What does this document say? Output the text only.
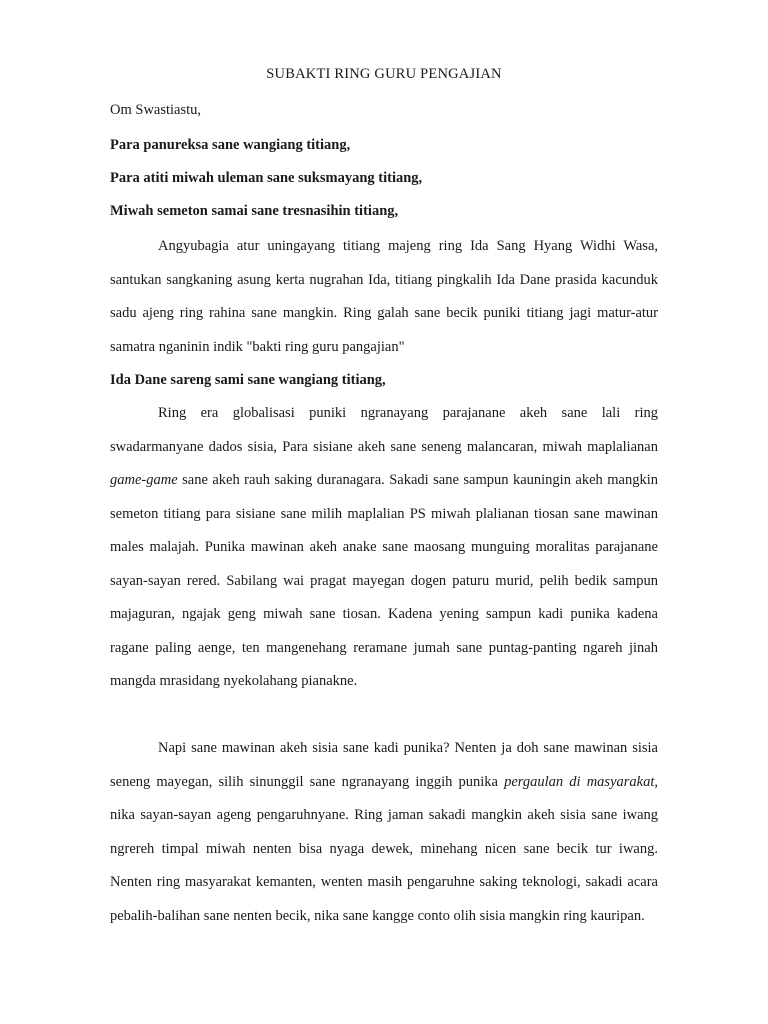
SUBAKTI RING GURU PENGAJIAN
Om Swastiastu,
Para panureksa sane wangiang titiang,
Para atiti miwah uleman sane suksmayang titiang,
Miwah semeton samai sane tresnasihin titiang,

Angyubagia atur uningayang titiang majeng ring Ida Sang Hyang Widhi Wasa, santukan sangkaning asung kerta nugrahan Ida, titiang pingkalih Ida Dane prasida kacunduk sadu ajeng ring rahina sane mangkin. Ring galah sane becik puniki titiang jagi matur-atur samatra nganinin indik "bakti ring guru pangajian"

Ida Dane sareng sami sane wangiang titiang,

Ring era globalisasi puniki ngranayang parajanane akeh sane lali ring swadarmanyane dados sisia, Para sisiane akeh sane seneng malancaran, miwah maplalianan game-game sane akeh rauh saking duranagara. Sakadi sane sampun kauningin akeh mangkin semeton titiang para sisiane sane milih maplalian PS miwah plalianan tiosan sane mawinan males malajah. Punika mawinan akeh anake sane maosang munguing moralitas parajanane sayan-sayan rered. Sabilang wai pragat mayegan dogen paturu murid, pelih bedik sampun majaguran, ngajak geng miwah sane tiosan. Kadena yening sampun kadi punika kadena ragane paling aenge, ten mangenehang reramane jumah sane puntag-panting ngareh jinah mangda mrasidang nyekolahang pianakne.

Napi sane mawinan akeh sisia sane kadi punika? Nenten ja doh sane mawinan sisia seneng mayegan, silih sinunggil sane ngranayang inggih punika pergaulan di masyarakat, nika sayan-sayan ageng pengaruhnyane. Ring jaman sakadi mangkin akeh sisia sane iwang ngrereh timpal miwah nenten bisa nyaga dewek, minehang nicen sane becik tur iwang. Nenten ring masyarakat kemanten, wenten masih pengaruhne saking teknologi, sakadi acara pebalih-balihan sane nenten becik, nika sane kangge conto olih sisia mangkin ring kauripan.
